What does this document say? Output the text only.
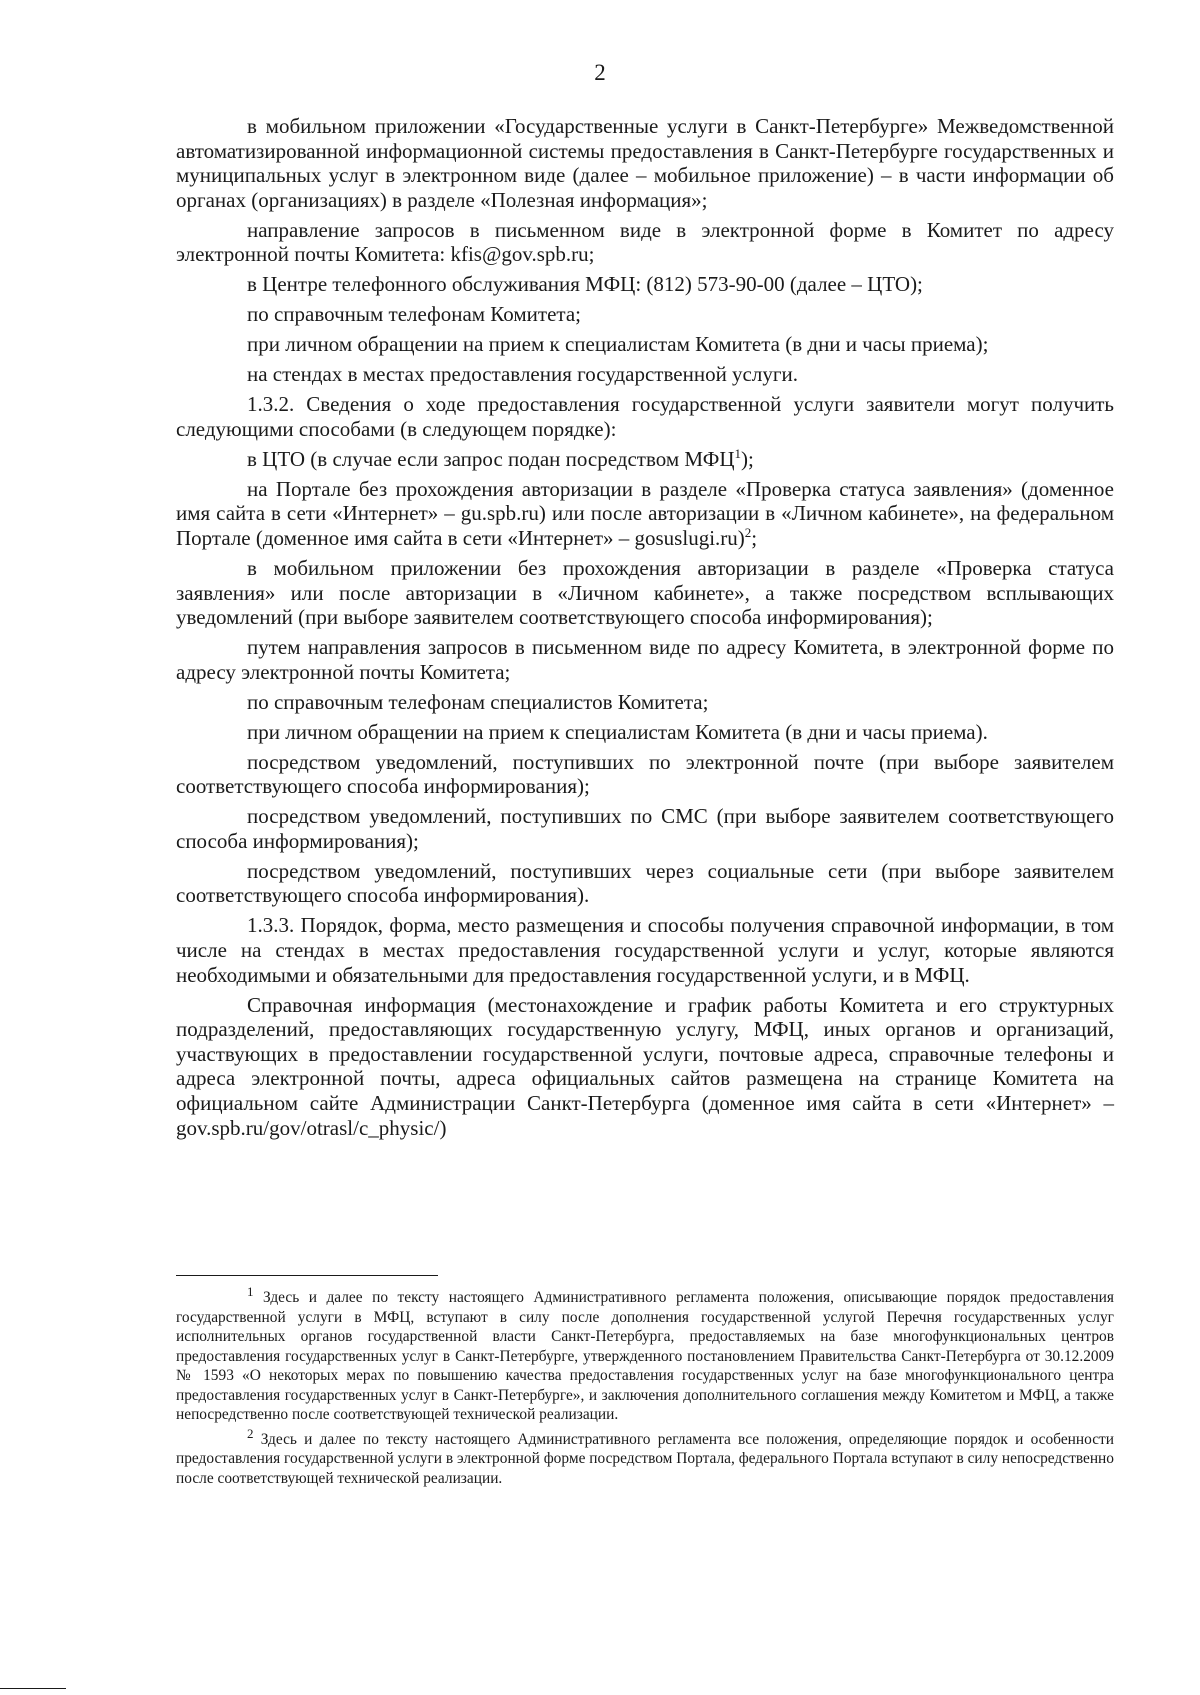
2

в мобильном приложении «Государственные услуги в Санкт-Петербурге» Межведомственной автоматизированной информационной системы предоставления в Санкт-Петербурге государственных и муниципальных услуг в электронном виде (далее – мобильное приложение) – в части информации об органах (организациях) в разделе «Полезная информация»;

направление запросов в письменном виде в электронной форме в Комитет по адресу электронной почты Комитета: kfis@gov.spb.ru;

в Центре телефонного обслуживания МФЦ: (812) 573-90-00 (далее – ЦТО);

по справочным телефонам Комитета;

при личном обращении на прием к специалистам Комитета (в дни и часы приема);

на стендах в местах предоставления государственной услуги.

1.3.2. Сведения о ходе предоставления государственной услуги заявители могут получить следующими способами (в следующем порядке):

в ЦТО (в случае если запрос подан посредством МФЦ$^1$);

на Портале без прохождения авторизации в разделе «Проверка статуса заявления» (доменное имя сайта в сети «Интернет» – gu.spb.ru) или после авторизации в «Личном кабинете», на федеральном Портале (доменное имя сайта в сети «Интернет» – gosuslugi.ru)$^2$;

в мобильном приложении без прохождения авторизации в разделе «Проверка статуса заявления» или после авторизации в «Личном кабинете», а также посредством всплывающих уведомлений (при выборе заявителем соответствующего способа информирования);

путем направления запросов в письменном виде по адресу Комитета, в электронной форме по адресу электронной почты Комитета;

по справочным телефонам специалистов Комитета;

при личном обращении на прием к специалистам Комитета (в дни и часы приема).

посредством уведомлений, поступивших по электронной почте (при выборе заявителем соответствующего способа информирования);

посредством уведомлений, поступивших по СМС (при выборе заявителем соответствующего способа информирования);

посредством уведомлений, поступивших через социальные сети (при выборе заявителем соответствующего способа информирования).

1.3.3. Порядок, форма, место размещения и способы получения справочной информации, в том числе на стендах в местах предоставления государственной услуги и услуг, которые являются необходимыми и обязательными для предоставления государственной услуги, и в МФЦ.

Справочная информация (местонахождение и график работы Комитета и его структурных подразделений, предоставляющих государственную услугу, МФЦ, иных органов и организаций, участвующих в предоставлении государственной услуги, почтовые адреса, справочные телефоны и адреса электронной почты, адреса официальных сайтов размещена на странице Комитета на официальном сайте Администрации Санкт-Петербурга (доменное имя сайта в сети «Интернет» – gov.spb.ru/gov/otrasl/c_physic/)

$^1$ Здесь и далее по тексту настоящего Административного регламента положения, описывающие порядок предоставления государственной услуги в МФЦ, вступают в силу после дополнения государственной услугой Перечня государственных услуг исполнительных органов государственной власти Санкт-Петербурга, предоставляемых на базе многофункциональных центров предоставления государственных услуг в Санкт-Петербурге, утвержденного постановлением Правительства Санкт-Петербурга от 30.12.2009 № 1593 «О некоторых мерах по повышению качества предоставления государственных услуг на базе многофункционального центра предоставления государственных услуг в Санкт-Петербурге», и заключения дополнительного соглашения между Комитетом и МФЦ, а также непосредственно после соответствующей технической реализации.

$^2$ Здесь и далее по тексту настоящего Административного регламента все положения, определяющие порядок и особенности предоставления государственной услуги в электронной форме посредством Портала, федерального Портала вступают в силу непосредственно после соответствующей технической реализации.
